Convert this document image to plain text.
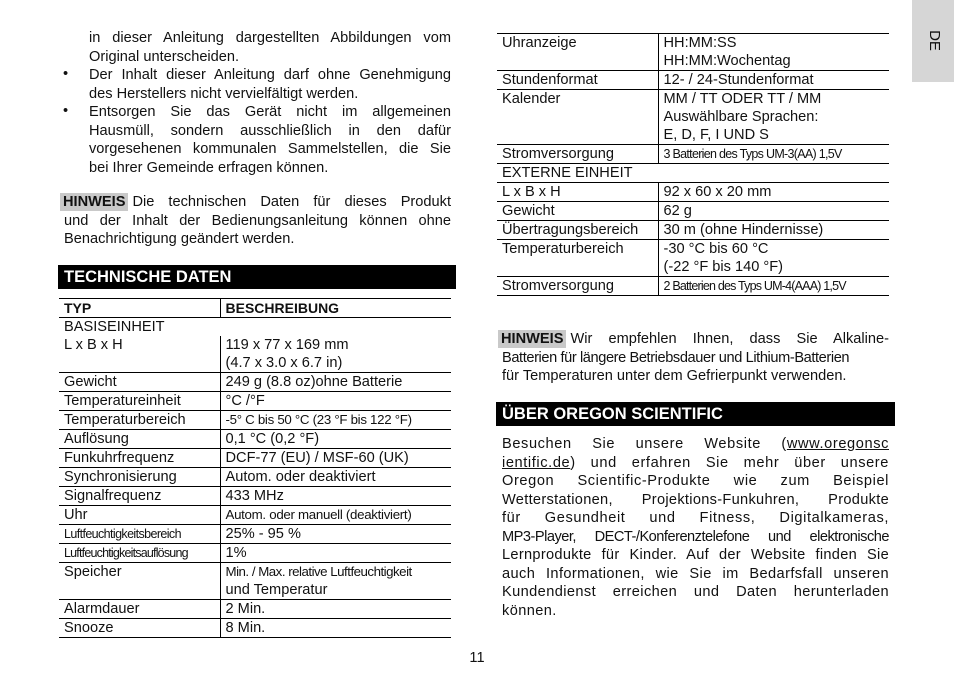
DE

in dieser Anleitung dargestellten Abbildungen vom

Original unterscheiden.

• Der Inhalt dieser Anleitung darf ohne Genehmigung

des Herstellers nicht vervielfältigt werden.

• Entsorgen Sie das Gerät nicht im allgemeinen

Hausmüll, sondern ausschließlich in den dafür

vorgesehenen kommunalen Sammelstellen, die Sie

bei Ihrer Gemeinde erfragen können.

HINWEIS Die technischen Daten für dieses Produkt

und der Inhalt der Bedienungsanleitung können ohne

Benachrichtigung geändert werden.

TECHNISCHE DATEN
TYP	BESCHREIBUNG
BASISEINHEIT	
L x B x H	119 x 77 x 169 mm
	(4.7 x 3.0 x 6.7 in)
Gewicht	249 g (8.8 oz)ohne Batterie
Temperatureinheit	°C /°F
Temperaturbereich	-5° C bis 50 °C (23 °F bis 122 °F)
Auflösung	0,1 °C (0,2 °F)
Funkuhrfrequenz	DCF-77 (EU) / MSF-60 (UK)
Synchronisierung	Autom. oder deaktiviert
Signalfrequenz	433 MHz
Uhr	Autom. oder manuell (deaktiviert)
Luftfeuchtigkeitsbereich	25% - 95 %
Luftfeuchtigkeitsauflösung	1%
Speicher	Min. / Max. relative Luftfeuchtigkeit
	und Temperatur
Alarmdauer	2 Min.
Snooze	8 Min.
Uhranzeige	HH:MM:SS
	HH:MM:Wochentag
Stundenformat	12- / 24-Stundenformat
Kalender	MM / TT ODER TT / MM
	Auswählbare Sprachen:
	E, D, F, I UND S
Stromversorgung	3 Batterien des Typs UM-3(AA) 1,5V
EXTERNE EINHEIT	
L x B x H	92 x 60 x 20 mm
Gewicht	62 g
Übertragungsbereich	30 m (ohne Hindernisse)
Temperaturbereich	-30 °C bis 60 °C
	(-22 °F bis 140 °F)
Stromversorgung	2 Batterien des Typs UM-4(AAA) 1,5V

HINWEIS Wir empfehlen Ihnen, dass Sie Alkaline-

Batterien für längere Betriebsdauer und Lithium-Batterien

für Temperaturen unter dem Gefrierpunkt verwenden.

ÜBER OREGON SCIENTIFIC

Besuchen Sie unsere Website (www.oregonsc

ientific.de) und erfahren Sie mehr über unsere

Oregon Scientific-Produkte wie zum Beispiel

Wetterstationen, Projektions-Funkuhren, Produkte

für Gesundheit und Fitness, Digitalkameras,

MP3-Player, DECT-/Konferenztelefone und elektronische

Lernprodukte für Kinder. Auf der Website finden Sie

auch Informationen, wie Sie im Bedarfsfall unseren

Kundendienst erreichen und Daten herunterladen

können.

11
